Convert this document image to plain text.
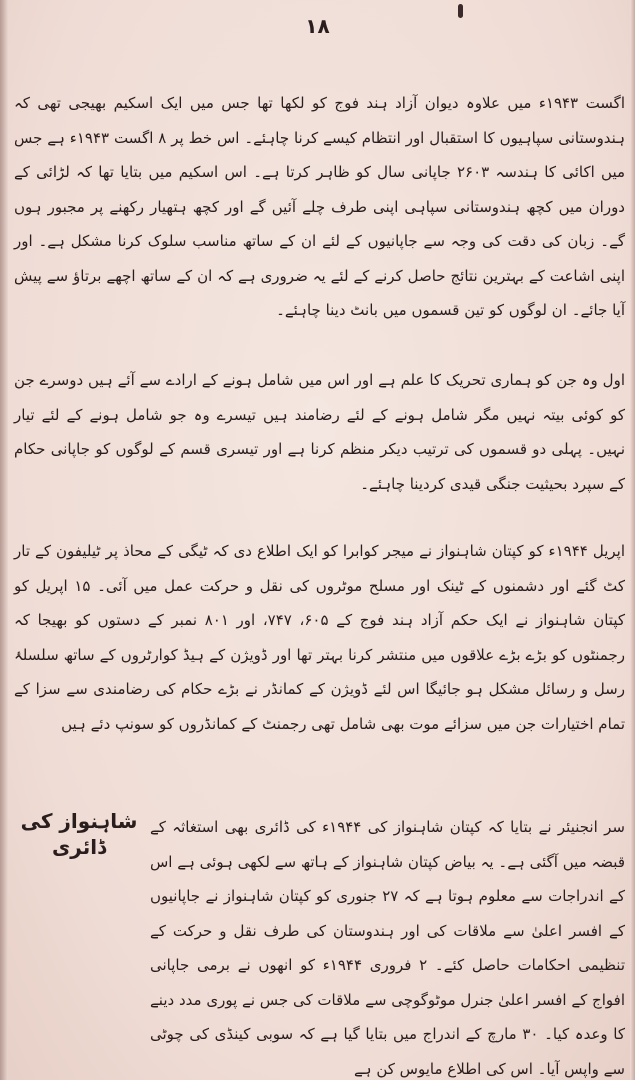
۱۸

اگست ۱۹۴۳ء میں علاوہ دیوان آزاد ہند فوج کو لکھا تھا جس میں ایک اسکیم بھیجی تھی کہ ہندوستانی سپاہیوں کا استقبال اور انتظام کیسے کرنا چاہئے۔ اس خط پر ۸ اگست ۱۹۴۳ء ہے جس میں اکائی کا ہندسہ ۲۶۰۳ جاپانی سال کو ظاہر کرتا ہے۔ اس اسکیم میں بتایا تھا کہ لڑائی کے دوران میں کچھ ہندوستانی سپاہی اپنی طرف چلے آئیں گے اور کچھ ہتھیار رکھنے پر مجبور ہوں گے۔ زبان کی دقت کی وجہ سے جاپانیوں کے لئے ان کے ساتھ مناسب سلوک کرنا مشکل ہے۔ اور اپنی اشاعت کے بہترین نتائج حاصل کرنے کے لئے یہ ضروری ہے کہ ان کے ساتھ اچھے برتاؤ سے پیش آیا جائے۔ ان لوگوں کو تین قسموں میں بانٹ دینا چاہئے۔

اول وہ جن کو ہماری تحریک کا علم ہے اور اس میں شامل ہونے کے ارادے سے آئے ہیں دوسرے جن کو کوئی بیتہ نہیں مگر شامل ہونے کے لئے رضامند ہیں تیسرے وہ جو شامل ہونے کے لئے تیار نہیں۔ پہلی دو قسموں کی ترتیب دیکر منظم کرنا ہے اور تیسری قسم کے لوگوں کو جاپانی حکام کے سپرد بحیثیت جنگی قیدی کردینا چاہئے۔

اپریل ۱۹۴۴ء کو کپتان شاہنواز نے میجر کوابرا کو ایک اطلاع دی کہ ٹیگی کے محاذ پر ٹیلیفون کے تار کٹ گئے اور دشمنوں کے ٹینک اور مسلح موٹروں کی نقل و حرکت عمل میں آئی۔ ۱۵ اپریل کو کپتان شاہنواز نے ایک حکم آزاد ہند فوج کے ۶۰۵، ۷۴۷، اور ۸۰۱ نمبر کے دستوں کو بھیجا کہ رجمنٹوں کو بڑے بڑے علاقوں میں منتشر کرنا بہتر تھا اور ڈویژن کے ہیڈ کوارٹروں کے ساتھ سلسلۂ رسل و رسائل مشکل ہو جائیگا اس لئے ڈویژن کے کمانڈر نے بڑے حکام کی رضامندی سے سزا کے تمام اختیارات جن میں سزائے موت بھی شامل تھی رجمنٹ کے کمانڈروں کو سونپ دئے ہیں

شاہنواز کی ڈائری

سر انجنیئر نے بتایا کہ کپتان شاہنواز کی ۱۹۴۴ء کی ڈائری بھی استغاثہ کے قبضہ میں آگئی ہے۔ یہ بیاض کپتان شاہنواز کے ہاتھ سے لکھی ہوئی ہے اس کے اندراجات سے معلوم ہوتا ہے کہ ۲۷ جنوری کو کپتان شاہنواز نے جاپانیوں کے افسر اعلیٰ سے ملاقات کی اور ہندوستان کی طرف نقل و حرکت کے تنظیمی احکامات حاصل کئے۔ ۲ فروری ۱۹۴۴ء کو انھوں نے برمی جاپانی افواج کے افسر اعلیٰ جنرل موٹوگوچی سے ملاقات کی جس نے پوری مدد دینے کا وعدہ کیا۔ ۳۰ مارچ کے اندراج میں بتایا گیا ہے کہ سوبی کینڈی کی چوٹی سے واپس آیا۔ اس کی اطلاع مایوس کن ہے
